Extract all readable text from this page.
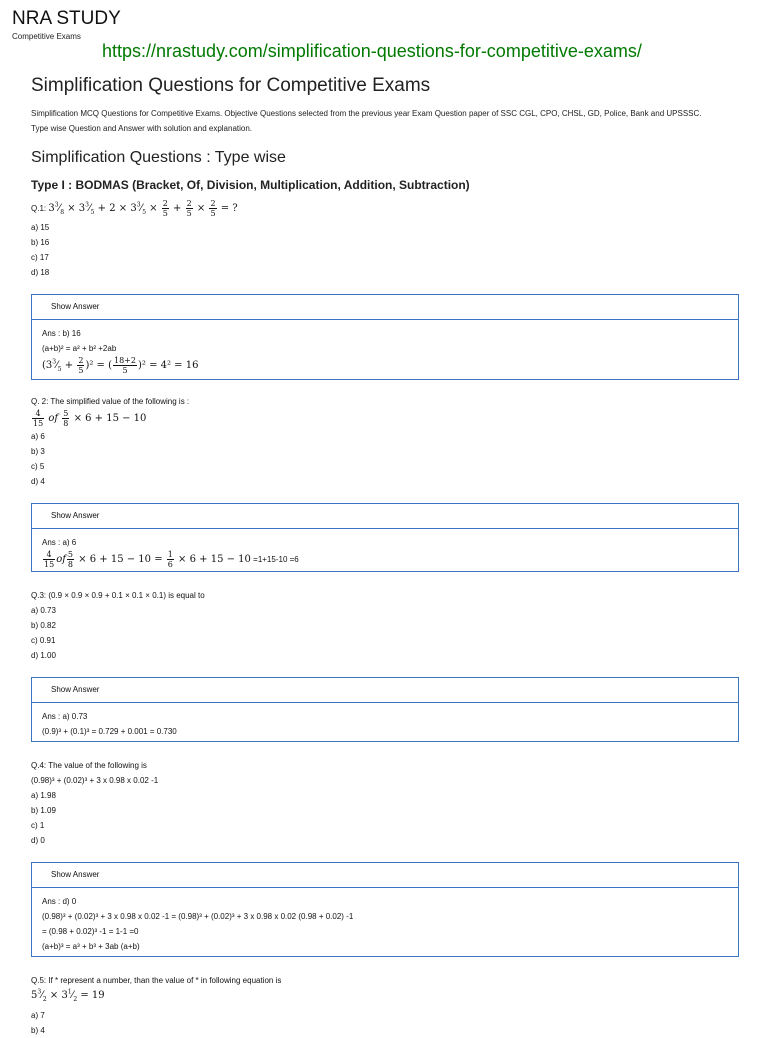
NRA STUDY
Competitive Exams
https://nrastudy.com/simplification-questions-for-competitive-exams/
Simplification Questions for Competitive Exams
Simplification MCQ Questions for Competitive Exams. Objective Questions selected from the previous year Exam Question paper of SSC CGL, CPO, CHSL, GD, Police, Bank and UPSSSC.
Type wise Question and Answer with solution and explanation.
Simplification Questions : Type wise
Type I : BODMAS (Bracket, Of, Division, Multiplication, Addition, Subtraction)
Q.1: $3^3⁄_8$ × $3^3⁄_5 + 2$ × $3^3⁄_5 \times \frac{2}{5} + \frac{2}{5} \times \frac{2}{5}$ = ?
a) 15
b) 16
c) 17
d) 18
Show Answer
Ans : b) 16
(a+b)² = a² + b² +2ab
$(3^3⁄_5 + \frac{2}{5} )^2$ = ( $\frac{18+2}{5} )^2 = 4^2 = 16$
Q. 2: The simplified value of the following is :
$\frac{4}{15}$ of $\frac{5}{8} \times 6 + 15 - 10$
a) 6
b) 3
c) 5
d) 4
Show Answer
Ans : a) 6
$\frac{4}{15}$ of $\frac{5}{8} \times 6 + 15 - 10 = \frac{1}{6} \times 6 + 15 - 10 =1+15-10 =6$
Q.3: (0.9 × 0.9 × 0.9 + 0.1 × 0.1 × 0.1) is equal to
a) 0.73
b) 0.82
c) 0.91
d) 1.00
Show Answer
Ans : a) 0.73
(0.9)³ + (0.1)³ = 0.729 + 0.001 = 0.730
Q.4: The value of the following is
(0.98)³ + (0.02)³ + 3 x 0.98 x 0.02 -1
a) 1.98
b) 1.09
c) 1
d) 0
Show Answer
Ans : d) 0
(0.98)³ + (0.02)³ + 3 x 0.98 x 0.02 -1 = (0.98)³ + (0.02)³ + 3 x 0.98 x 0.02 (0.98 + 0.02) -1
= (0.98 + 0.02)³ -1 = 1-1 =0
(a+b)³ = a³ + b³ + 3ab (a+b)
Q.5: If * represent a number, than the value of * in following equation is
$5^3⁄_2$ × $3^1⁄_2 = 19$
a) 7
b) 4
